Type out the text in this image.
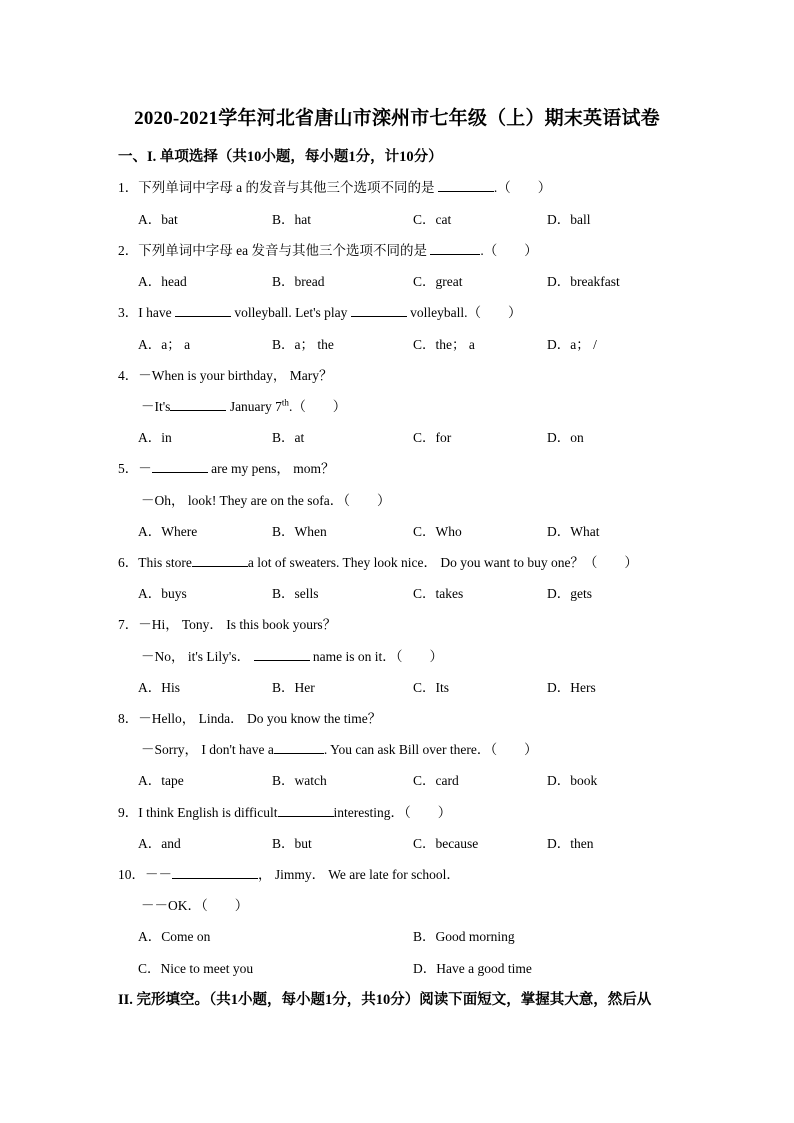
2020-2021学年河北省唐山市滦州市七年级（上）期末英语试卷
一、I. 单项选择（共10小题，每小题1分，计10分）
1．下列单词中字母 a 的发音与其他三个选项不同的是	.（　　）
A．bat	B．hat	C．cat	D．ball
2．下列单词中字母 ea 发音与其他三个选项不同的是	.（　　）
A．head	B．bread	C．great	D．breakfast
3．I have	volleyball. Let's play	volleyball.（　　）
A．a； a	B．a； the	C．the； a	D．a； /
4．－When is your birthday， Mary？
－It's	January 7th.（　　）
A．in	B．at	C．for	D．on
5．－	are my pens， mom？
－Oh， look! They are on the sofa．（　　）
A．Where	B．When	C．Who	D．What
6．This store	a lot of sweaters. They look nice． Do you want to buy one？（　　）
A．buys	B．sells	C．takes	D．gets
7．－Hi， Tony． Is this book yours？
－No， it's Lily's．	name is on it．（　　）
A．His	B．Her	C．Its	D．Hers
8．－Hello， Linda． Do you know the time？
－Sorry， I don't have a	. You can ask Bill over there．（　　）
A．tape	B．watch	C．card	D．book
9．I think English is difficult	interesting．（　　）
A．and	B．but	C．because	D．then
10．－－	， Jimmy． We are late for school．
－－OK．（　　）
A．Come on	B．Good morning
C．Nice to meet you	D．Have a good time
II. 完形填空。（共1小题，每小题1分，共10分）阅读下面短文，掌握其大意，然后从
